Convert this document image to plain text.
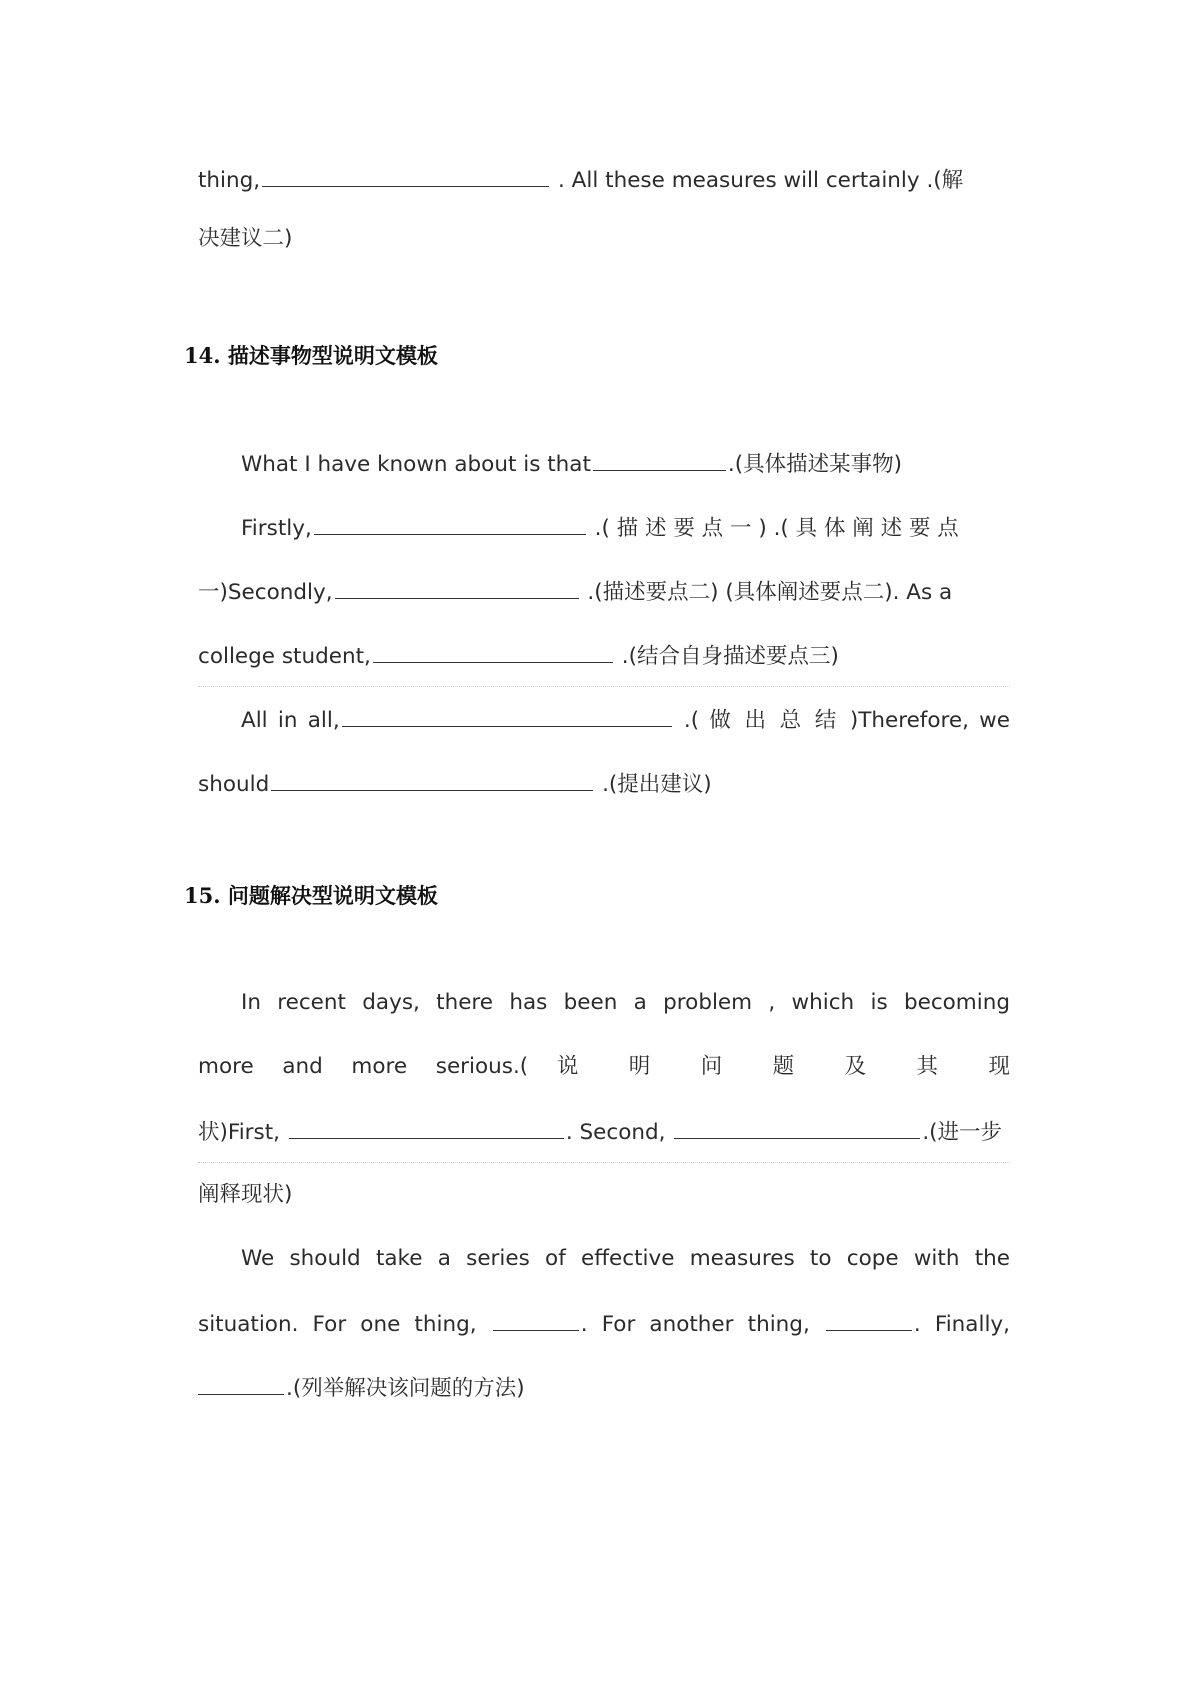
thing,	. All these measures will certainly .(解
决建议二)
14. 描述事物型说明文模板
What I have known about is that	.(具体描述某事物)
Firstly,	.( 描 述 要 点 一 ) .( 具 体 阐 述 要 点
一)Secondly,	.(描述要点二) (具体阐述要点二). As a
college student,	.(结合自身描述要点三)
All in all,	.( 做 出 总 结 )Therefore, we
should	.(提出建议)
15. 问题解决型说明文模板
In recent days, there has been a problem , which is becoming
more and more serious.( 说 明 问 题 及 其 现
状)First,	. Second,	.(进一步
阐释现状)
We should take a series of effective measures to cope with the
situation. For one thing,	. For another thing,	. Finally,
.(列举解决该问题的方法)
